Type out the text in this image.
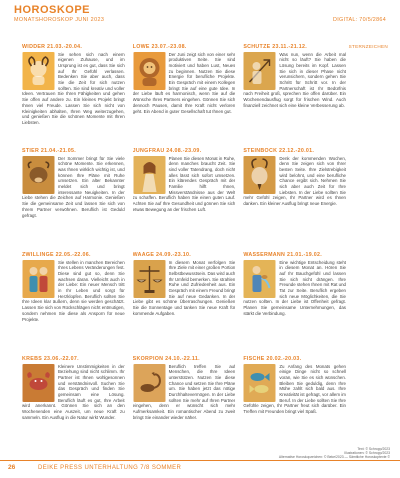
HOROSKOPE
MONATSHOROSKOP JUNI 2023	DIGITAL: 70/5/2864
STERNZEICHEN
WIDDER 21.03.-20.04.

Sie sehen sich nach einem eigenen Zuhause, und im Ursprung ist es gut, dass Sie sich auf Ihr Gefühl verlassen. Bedenken Sie aber auch, dass Sie die Zeit für sich nutzen sollten. Sie sind kreativ und voller Ideen. Vertrauen Sie Ihren Fähigkeiten und gehen Sie offen auf andere zu. Ein kleines Projekt bringt Ihnen viel Freude. Lassen Sie sich nicht von Kleinigkeiten abhalten, Ihren Weg weiterzugehen, und genießen Sie die schönen Momente mit Ihren Liebsten.

LÖWE 23.07.-23.08.

Der Juni zeigt sich von einer sehr produktiven Seite. Sie sind motiviert und haben Lust, Neues zu beginnen. Nutzen Sie diese Energie für berufliche Projekte. Ein Gespräch mit einem Kollegen bringt Sie auf eine gute Idee. In der Liebe läuft es harmonisch, wenn Sie auf die Wünsche Ihres Partners eingehen. Gönnen Sie sich dennoch Pausen, damit Ihre Kraft nicht verloren geht. Ein Abend in guter Gesellschaft tut Ihnen gut.

SCHÜTZE 23.11.-21.12.

Was nun, wenn die Arbeit mal nicht so läuft? Sie haben die Lösung bereits im Kopf. Lassen Sie sich in dieser Phase nicht verunsichern, sondern gehen Sie Schritt für Schritt vor. In der Partnerschaft ist Ihr Bedürfnis nach Freiheit groß, sprechen Sie offen darüber. Ein Wochenendausflug sorgt für frischen Wind. Auch finanziell zeichnet sich eine kleine Verbesserung ab.

STIER 21.04.-21.05.

Der Sommer bringt für Sie viele schöne Momente. Sie erkennen, was Ihnen wirklich wichtig ist, und können Ihre Pläne mit Ruhe umsetzen. Ein alter Bekannter meldet sich und bringt interessante Neuigkeiten. In der Liebe stehen die Zeichen auf Harmonie. Genießen Sie die gemeinsame Zeit und lassen Sie sich von Ihrem Partner verwöhnen. Beruflich ist Geduld gefragt.

JUNGFRAU 24.08.-23.09.

Planen Sie diesen Monat in Ruhe, denn manches braucht Zeit. Sie sind voller Tatendrang, doch nicht alles lässt sich sofort umsetzen. Ein klärendes Gespräch mit der Familie hilft Ihnen, Missverständnisse aus der Welt zu schaffen. Beruflich haben Sie einen guten Lauf. Achten Sie auf Ihre Gesundheit und gönnen Sie sich etwas Bewegung an der frischen Luft.

STEINBOCK 22.12.-20.01.

Denk der kommenden Wochen, denn Sie zeigen sich von Ihrer besten Seite. Ihre Zielstrebigkeit wird belohnt, und eine berufliche Chance ergibt sich. Nehmen Sie sich aber auch Zeit für Ihre Liebsten. In der Liebe sollten Sie mehr Gefühl zeigen, Ihr Partner wird es Ihnen danken. Ein kleiner Ausflug bringt neue Energie.

ZWILLINGE 22.05.-22.06.

Sie stellen in manchen Bereichen Ihres Lebens Veränderungen fest. Diese sind gut so, denn Sie wachsen daran. Vielleicht auch in der Liebe: Ein neuer Mensch tritt in Ihr Leben und sorgt für Herzklopfen. Beruflich sollten Sie Ihre Ideen klar äußern, denn sie werden geschätzt. Lassen Sie sich von Rückschlägen nicht entmutigen, sondern nehmen Sie diese als Ansporn für neue Projekte.

WAAGE 24.09.-23.10.

In diesem Monat verfolgen Sie Ihre Ziele mit einer großen Portion Selbstbewusstsein. Das wird auch Ihr Umfeld bemerken. Sie strahlen Ruhe und Zufriedenheit aus. Ein Gespräch mit einem Freund bringt Sie auf neue Gedanken. In der Liebe gibt es schöne Überraschungen. Genießen Sie die Sonnentage und tanken Sie neue Kraft für kommende Aufgaben.

WASSERMANN 21.01.-19.02.

Eine wichtige Entscheidung steht in diesem Monat an. Hören Sie auf Ihr Bauchgefühl und lassen Sie sich nicht drängen. Ihre Freunde stehen Ihnen mit Rat und Tat zur Seite. Beruflich ergeben sich neue Möglichkeiten, die Sie nutzen sollten. In der Liebe ist Offenheit gefragt. Planen Sie gemeinsame Unternehmungen, das stärkt die Verbindung.

KREBS 23.06.-22.07.

Kleinere Unstimmigkeiten in der Beziehung sind nicht schlimm. Ihr Partner ist Ihnen wohlgesonnen und verständnisvoll. Suchen Sie das Gespräch und finden Sie gemeinsam eine Lösung. Beruflich läuft es gut, Ihre Arbeit wird anerkannt. Gönnen Sie sich an den Wochenenden eine Auszeit, um neue Kraft zu sammeln. Ein Ausflug in die Natur wirkt Wunder.

SKORPION 24.10.-22.11.

Beruflich treffen Sie auf Menschen, die Ihre Ideen unterstützen. Nutzen Sie diese Chance und setzen Sie Ihre Pläne um. Sie haben jetzt das nötige Durchhaltevermögen. In der Liebe sollten Sie mehr auf Ihren Partner eingehen, denn er wünscht sich mehr Aufmerksamkeit. Ein romantischer Abend zu zweit bringt Sie einander wieder näher.

FISCHE 20.02.-20.03.

Zu Anfang des Monats gehen einige Dinge nicht so schnell voran, wie Sie es sich wünschen. Bleiben Sie geduldig, denn Ihre Mühe zahlt sich bald aus. Ihre Kreativität ist gefragt, vor allem im Beruf. In der Liebe sollten Sie Ihre Gefühle zeigen, Ihr Partner freut sich darüber. Ein Treffen mit Freunden bringt viel Spaß.

Text: © Schropp/2023
Illustrationen: © Schropp/2023
Alternative Horoskopzeichen: © Beke/2023 — Sämtliche Horoskoptexte ©
26	DEIKE PRESS UNTERHALTUNG 7/8 SOMMER
